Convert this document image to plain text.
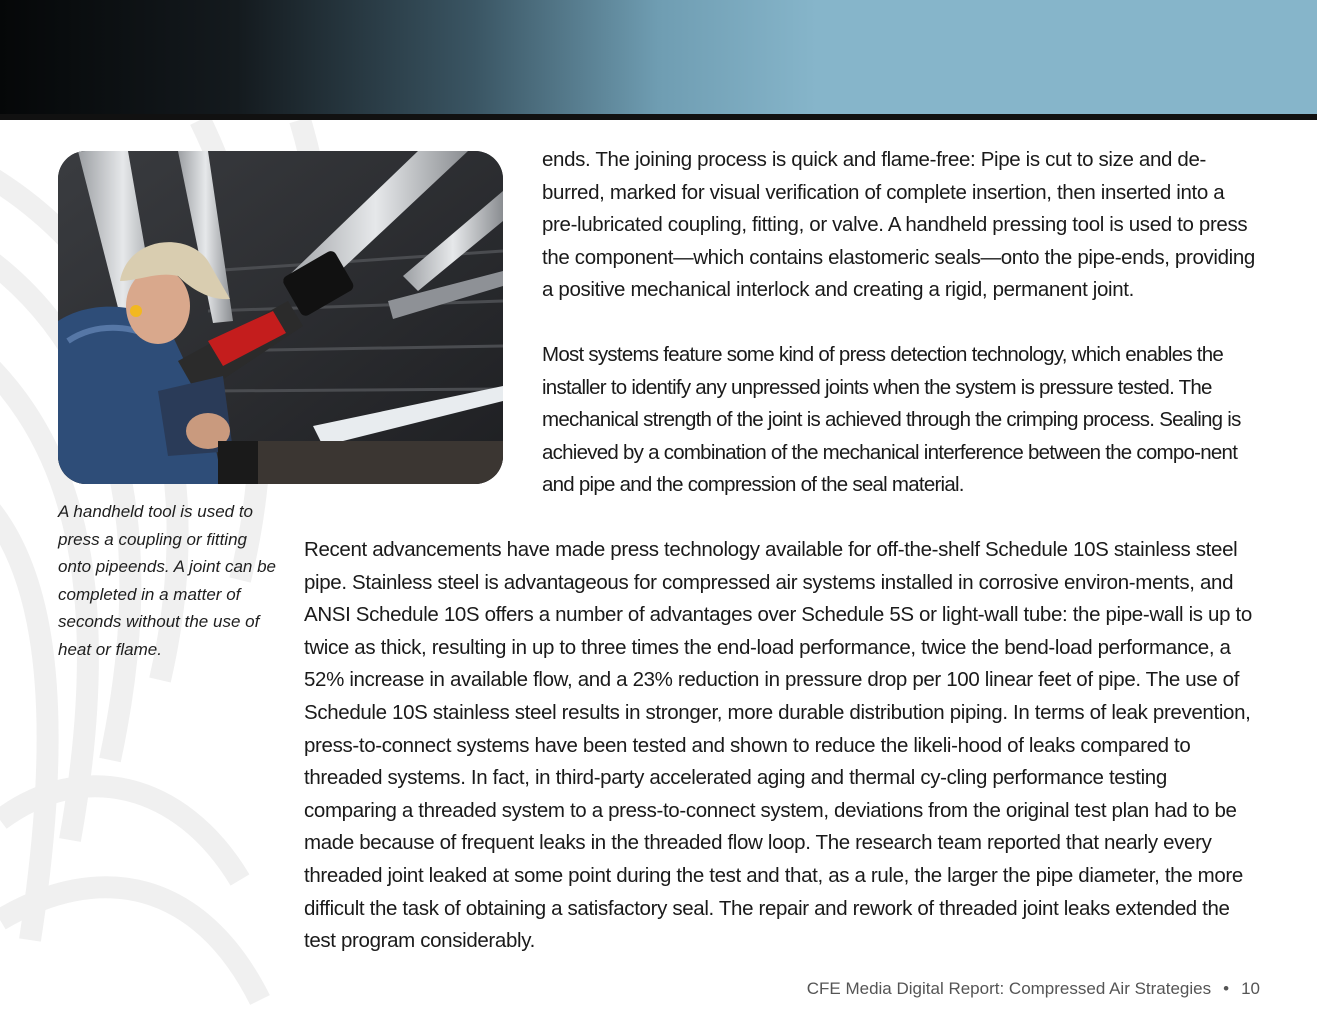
A handheld tool is used to press a coupling or fitting onto pipeends. A joint can be completed in a matter of seconds without the use of heat or flame.

ends. The joining process is quick and flame-free: Pipe is cut to size and de-burred, marked for visual verification of complete insertion, then inserted into a pre-lubricated coupling, fitting, or valve. A handheld pressing tool is used to press the component—which contains elastomeric seals—onto the pipe-ends, providing a positive mechanical interlock and creating a rigid, permanent joint.

Most systems feature some kind of press detection technology, which enables the installer to identify any unpressed joints when the system is pressure tested. The mechanical strength of the joint is achieved through the crimping process. Sealing is achieved by a combination of the mechanical interference between the compo-nent and pipe and the compression of the seal material.

Recent advancements have made press technology available for off-the-shelf Schedule 10S stainless steel pipe. Stainless steel is advantageous for compressed air systems installed in corrosive environ-ments, and ANSI Schedule 10S offers a number of advantages over Schedule 5S or light-wall tube: the pipe-wall is up to twice as thick, resulting in up to three times the end-load performance, twice the bend-load performance, a 52% increase in available flow, and a 23% reduction in pressure drop per 100 linear feet of pipe. The use of Schedule 10S stainless steel results in stronger, more durable distribution piping. In terms of leak prevention, press-to-connect systems have been tested and shown to reduce the likeli-hood of leaks compared to threaded systems. In fact, in third-party accelerated aging and thermal cy-cling performance testing comparing a threaded system to a press-to-connect system, deviations from the original test plan had to be made because of frequent leaks in the threaded flow loop. The research team reported that nearly every threaded joint leaked at some point during the test and that, as a rule, the larger the pipe diameter, the more difficult the task of obtaining a satisfactory seal. The repair and rework of threaded joint leaks extended the test program considerably.

CFE Media Digital Report: Compressed Air Strategies • 10
